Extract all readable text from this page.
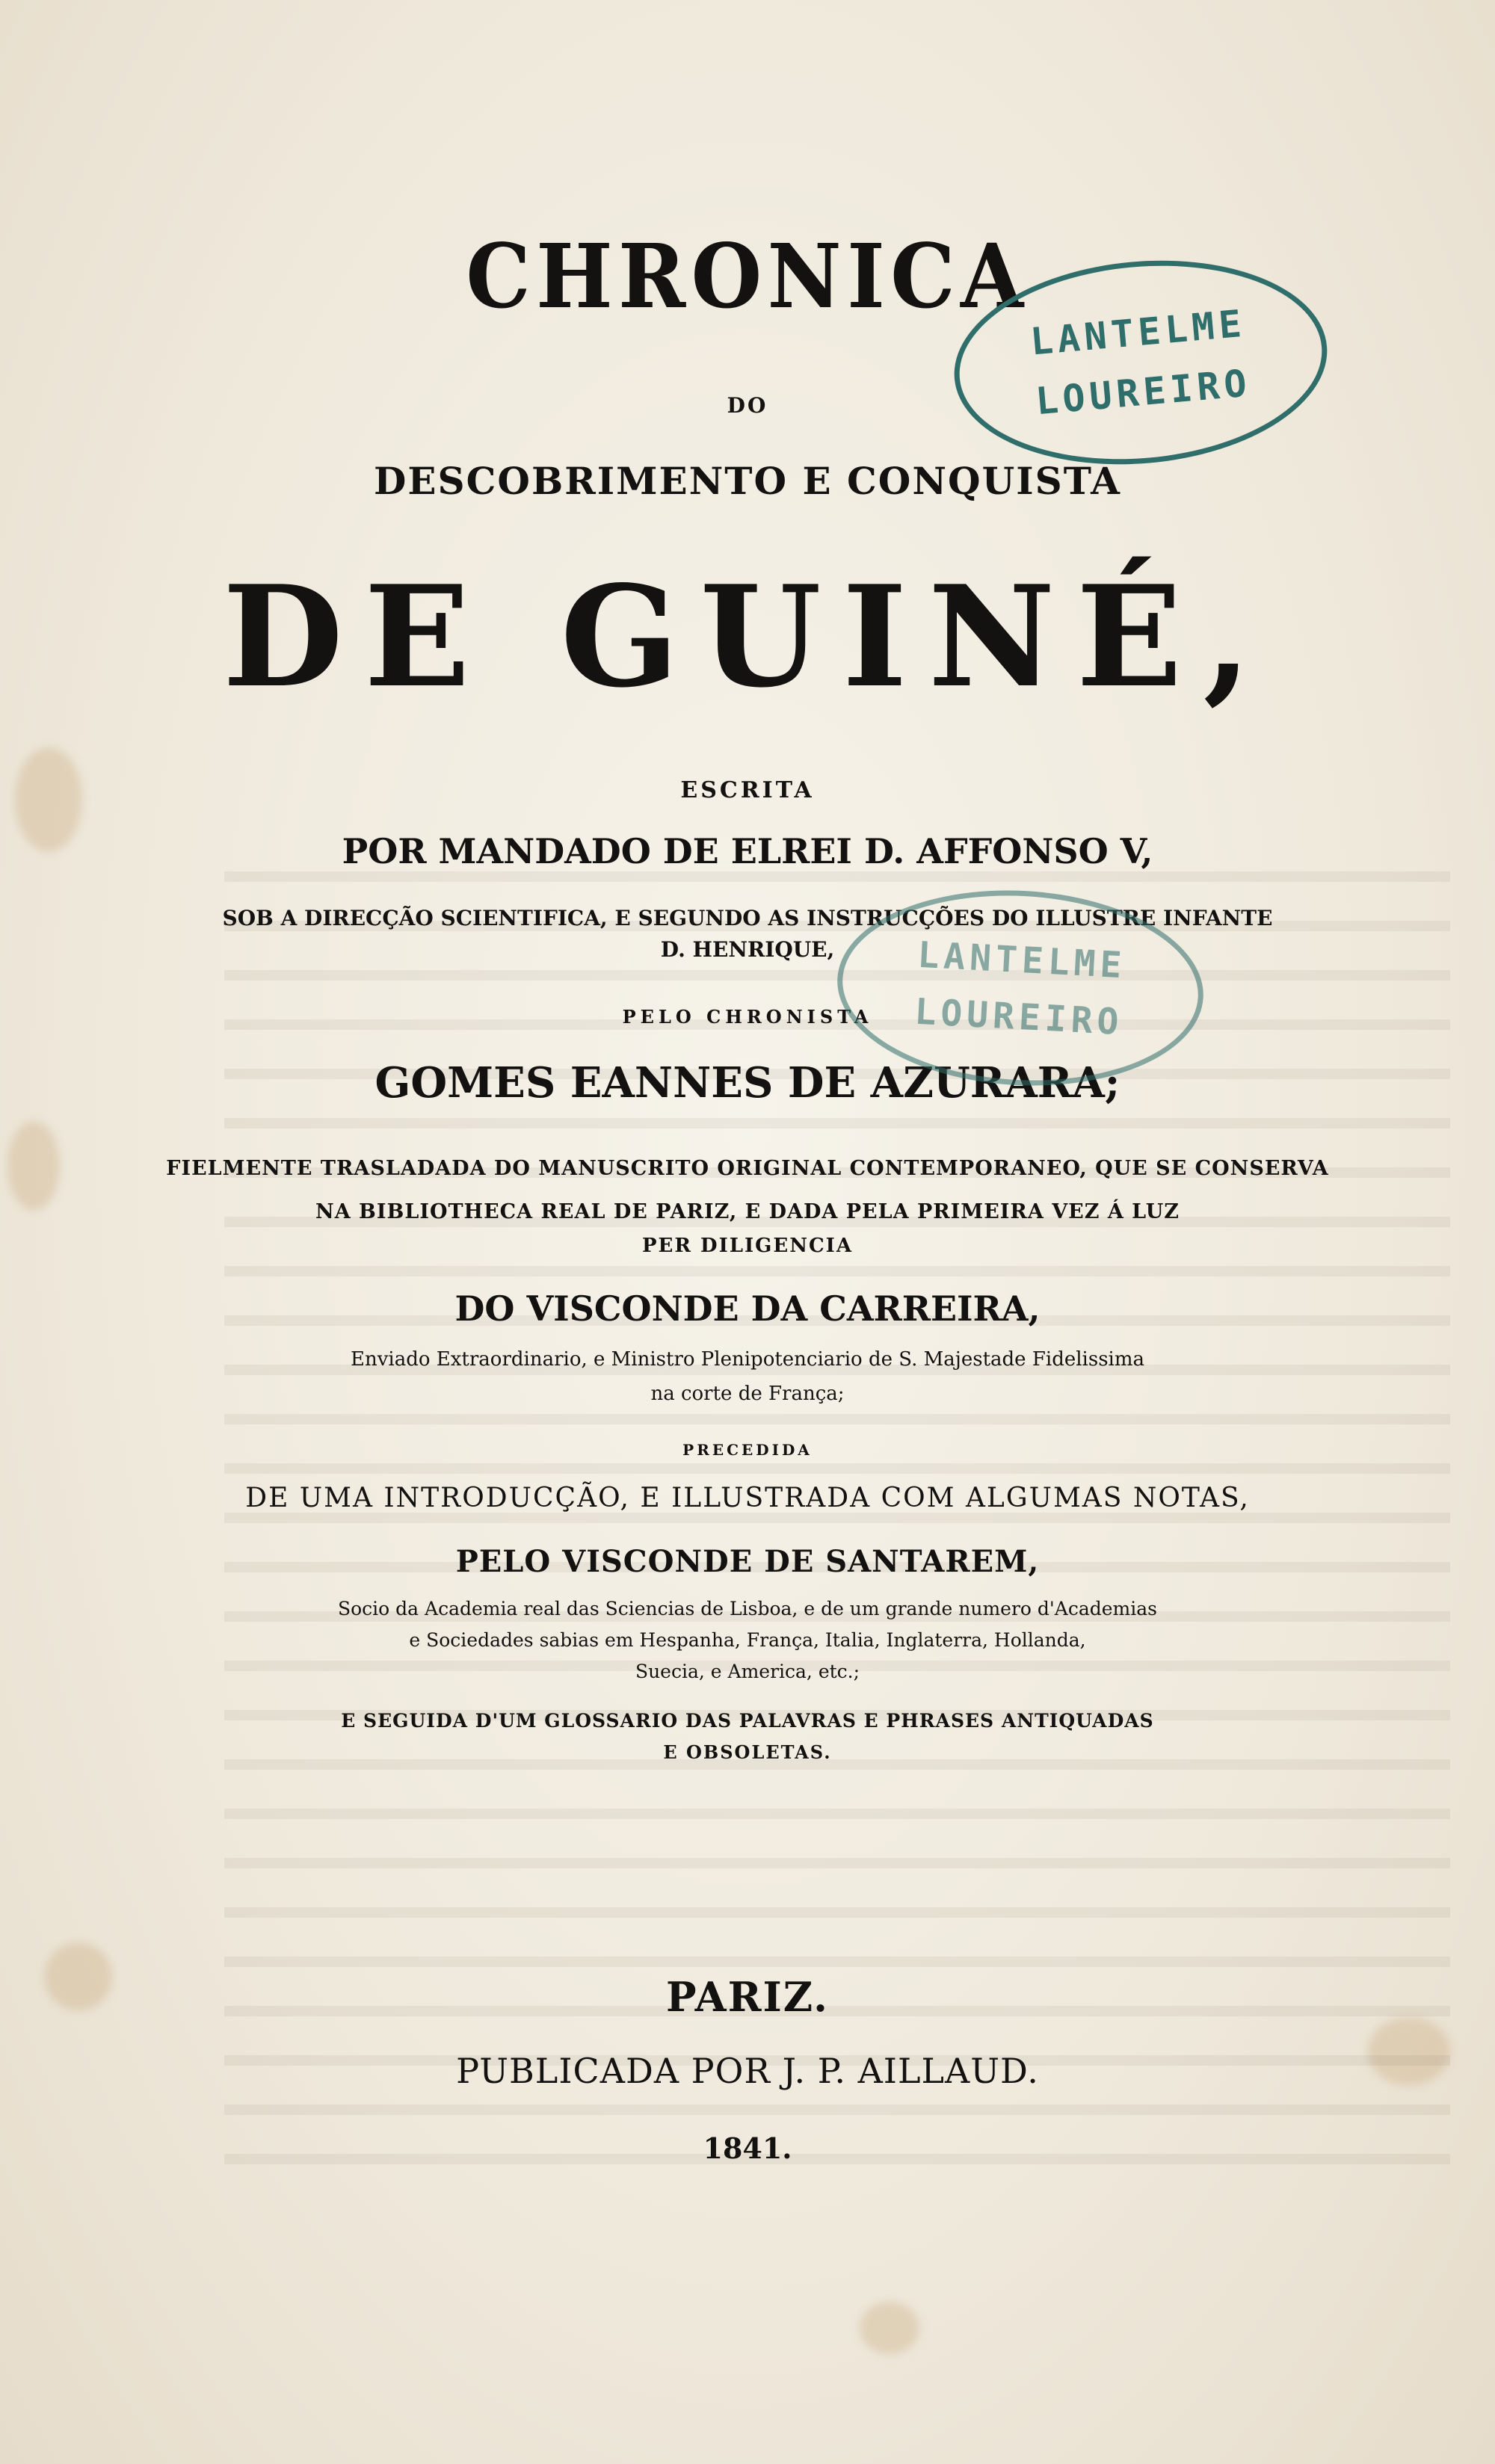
CHRONICA
DO
DESCOBRIMENTO E CONQUISTA
DE GUINÉ,
ESCRITA
POR MANDADO DE ELREI D. AFFONSO V,
SOB A DIRECÇÃO SCIENTIFICA, E SEGUNDO AS INSTRUCÇÕES DO ILLUSTRE INFANTE
D. HENRIQUE,
PELO CHRONISTA
GOMES EANNES DE AZURARA;
FIELMENTE TRASLADADA DO MANUSCRITO ORIGINAL CONTEMPORANEO, QUE SE CONSERVA
NA BIBLIOTHECA REAL DE PARIZ, E DADA PELA PRIMEIRA VEZ Á LUZ
PER DILIGENCIA
DO VISCONDE DA CARREIRA,
Enviado Extraordinario, e Ministro Plenipotenciario de S. Majestade Fidelissima
na corte de França;
PRECEDIDA
DE UMA INTRODUCÇÃO, E ILLUSTRADA COM ALGUMAS NOTAS,
PELO VISCONDE DE SANTAREM,
Socio da Academia real das Sciencias de Lisboa, e de um grande numero d'Academias
e Sociedades sabias em Hespanha, França, Italia, Inglaterra, Hollanda,
Suecia, e America, etc.;
E SEGUIDA D'UM GLOSSARIO DAS PALAVRAS E PHRASES ANTIQUADAS
E OBSOLETAS.
PARIZ.
PUBLICADA POR J. P. AILLAUD.
1841.
LANTELME
LOUREIRO
LANTELME
LOUREIRO
